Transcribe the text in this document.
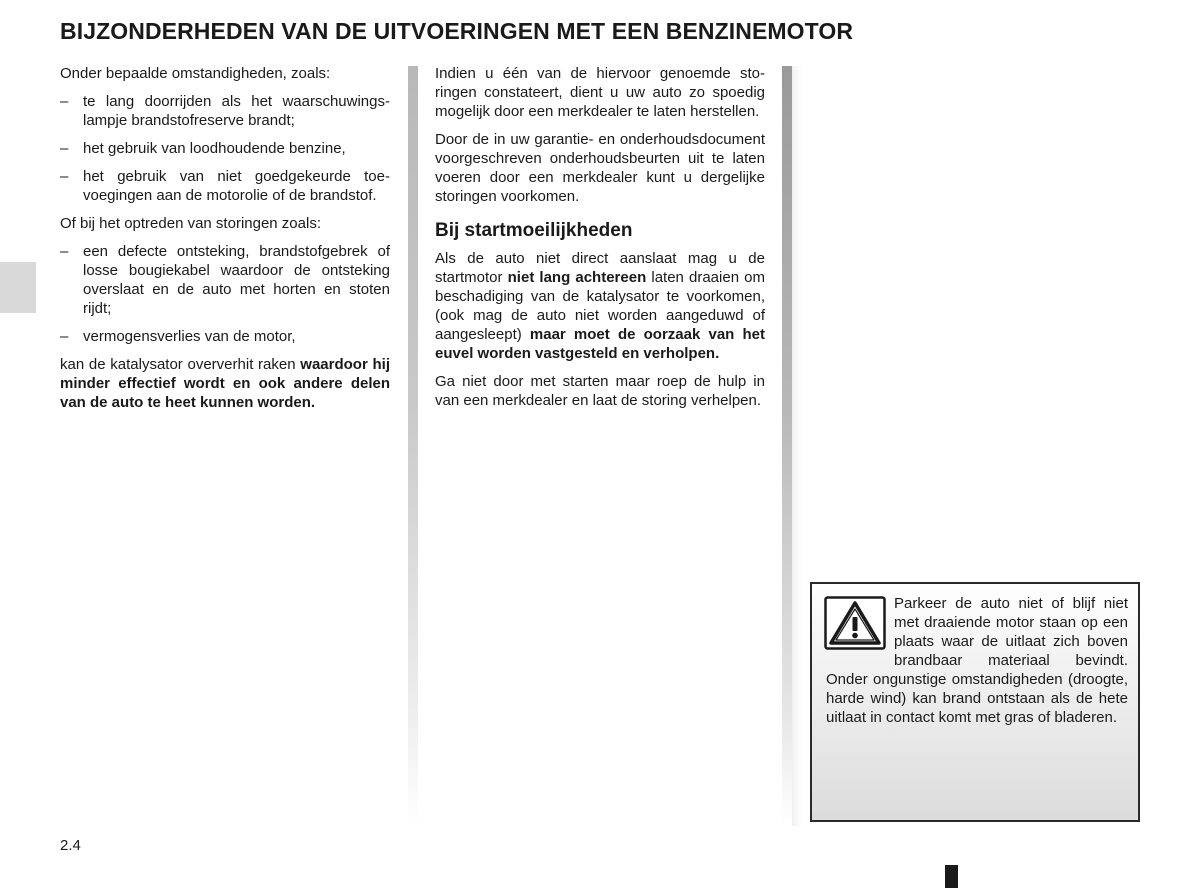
BIJZONDERHEDEN VAN DE UITVOERINGEN MET EEN BENZINEMOTOR

Onder bepaalde omstandigheden, zoals:

– te lang doorrijden als het waarschuwingslampje brandstofreserve brandt;
– het gebruik van loodhoudende benzine,
– het gebruik van niet goedgekeurde toevoegingen aan de motorolie of de brandstof.

Of bij het optreden van storingen zoals:

– een defecte ontsteking, brandstofgebrek of losse bougiekabel waardoor de ontsteking overslaat en de auto met horten en stoten rijdt;
– vermogensverlies van de motor,

kan de katalysator oververhit raken waardoor hij minder effectief wordt en ook andere delen van de auto te heet kunnen worden.

Indien u één van de hiervoor genoemde storingen constateert, dient u uw auto zo spoedig mogelijk door een merkdealer te laten herstellen.

Door de in uw garantie- en onderhoudsdocument voorgeschreven onderhoudsbeurten uit te laten voeren door een merkdealer kunt u dergelijke storingen voorkomen.

Bij startmoeilijkheden

Als de auto niet direct aanslaat mag u de startmotor niet lang achtereen laten draaien om beschadiging van de katalysator te voorkomen, (ook mag de auto niet worden aangeduwd of aangesleept) maar moet de oorzaak van het euvel worden vastgesteld en verholpen.

Ga niet door met starten maar roep de hulp in van een merkdealer en laat de storing verhelpen.

Parkeer de auto niet of blijf niet met draaiende motor staan op een plaats waar de uitlaat zich boven brandbaar materiaal bevindt. Onder ongunstige omstandigheden (droogte, harde wind) kan brand ontstaan als de hete uitlaat in contact komt met gras of bladeren.

2.4
